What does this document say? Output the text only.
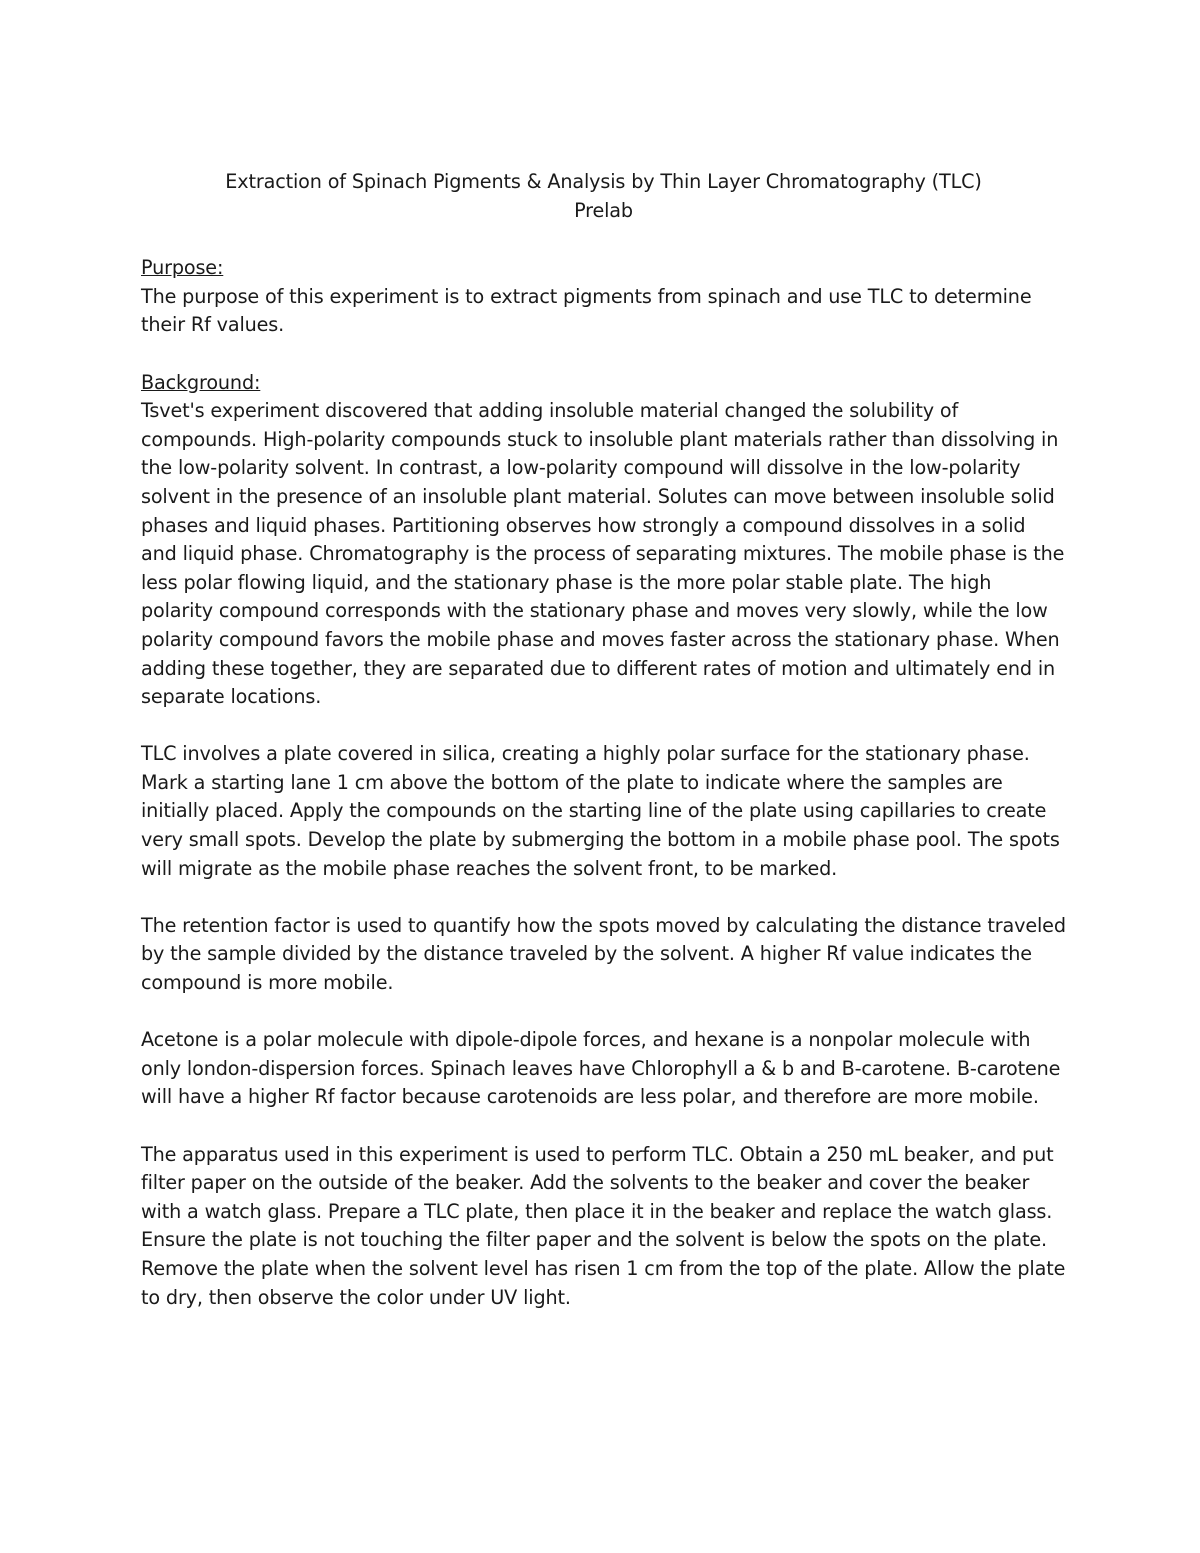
Extraction of Spinach Pigments & Analysis by Thin Layer Chromatography (TLC)
Prelab
Purpose:

The purpose of this experiment is to extract pigments from spinach and use TLC to determine their Rf values.

Background:

Tsvet's experiment discovered that adding insoluble material changed the solubility of compounds. High-polarity compounds stuck to insoluble plant materials rather than dissolving in the low-polarity solvent. In contrast, a low-polarity compound will dissolve in the low-polarity solvent in the presence of an insoluble plant material. Solutes can move between insoluble solid phases and liquid phases. Partitioning observes how strongly a compound dissolves in a solid and liquid phase. Chromatography is the process of separating mixtures. The mobile phase is the less polar flowing liquid, and the stationary phase is the more polar stable plate. The high polarity compound corresponds with the stationary phase and moves very slowly, while the low polarity compound favors the mobile phase and moves faster across the stationary phase. When adding these together, they are separated due to different rates of motion and ultimately end in separate locations.

TLC involves a plate covered in silica, creating a highly polar surface for the stationary phase. Mark a starting lane 1 cm above the bottom of the plate to indicate where the samples are initially placed. Apply the compounds on the starting line of the plate using capillaries to create very small spots. Develop the plate by submerging the bottom in a mobile phase pool. The spots will migrate as the mobile phase reaches the solvent front, to be marked.

The retention factor is used to quantify how the spots moved by calculating the distance traveled by the sample divided by the distance traveled by the solvent. A higher Rf value indicates the compound is more mobile.

Acetone is a polar molecule with dipole-dipole forces, and hexane is a nonpolar molecule with only london-dispersion forces. Spinach leaves have Chlorophyll a & b and B-carotene. B-carotene will have a higher Rf factor because carotenoids are less polar, and therefore are more mobile.

The apparatus used in this experiment is used to perform TLC. Obtain a 250 mL beaker, and put filter paper on the outside of the beaker. Add the solvents to the beaker and cover the beaker with a watch glass. Prepare a TLC plate, then place it in the beaker and replace the watch glass. Ensure the plate is not touching the filter paper and the solvent is below the spots on the plate. Remove the plate when the solvent level has risen 1 cm from the top of the plate. Allow the plate to dry, then observe the color under UV light.
